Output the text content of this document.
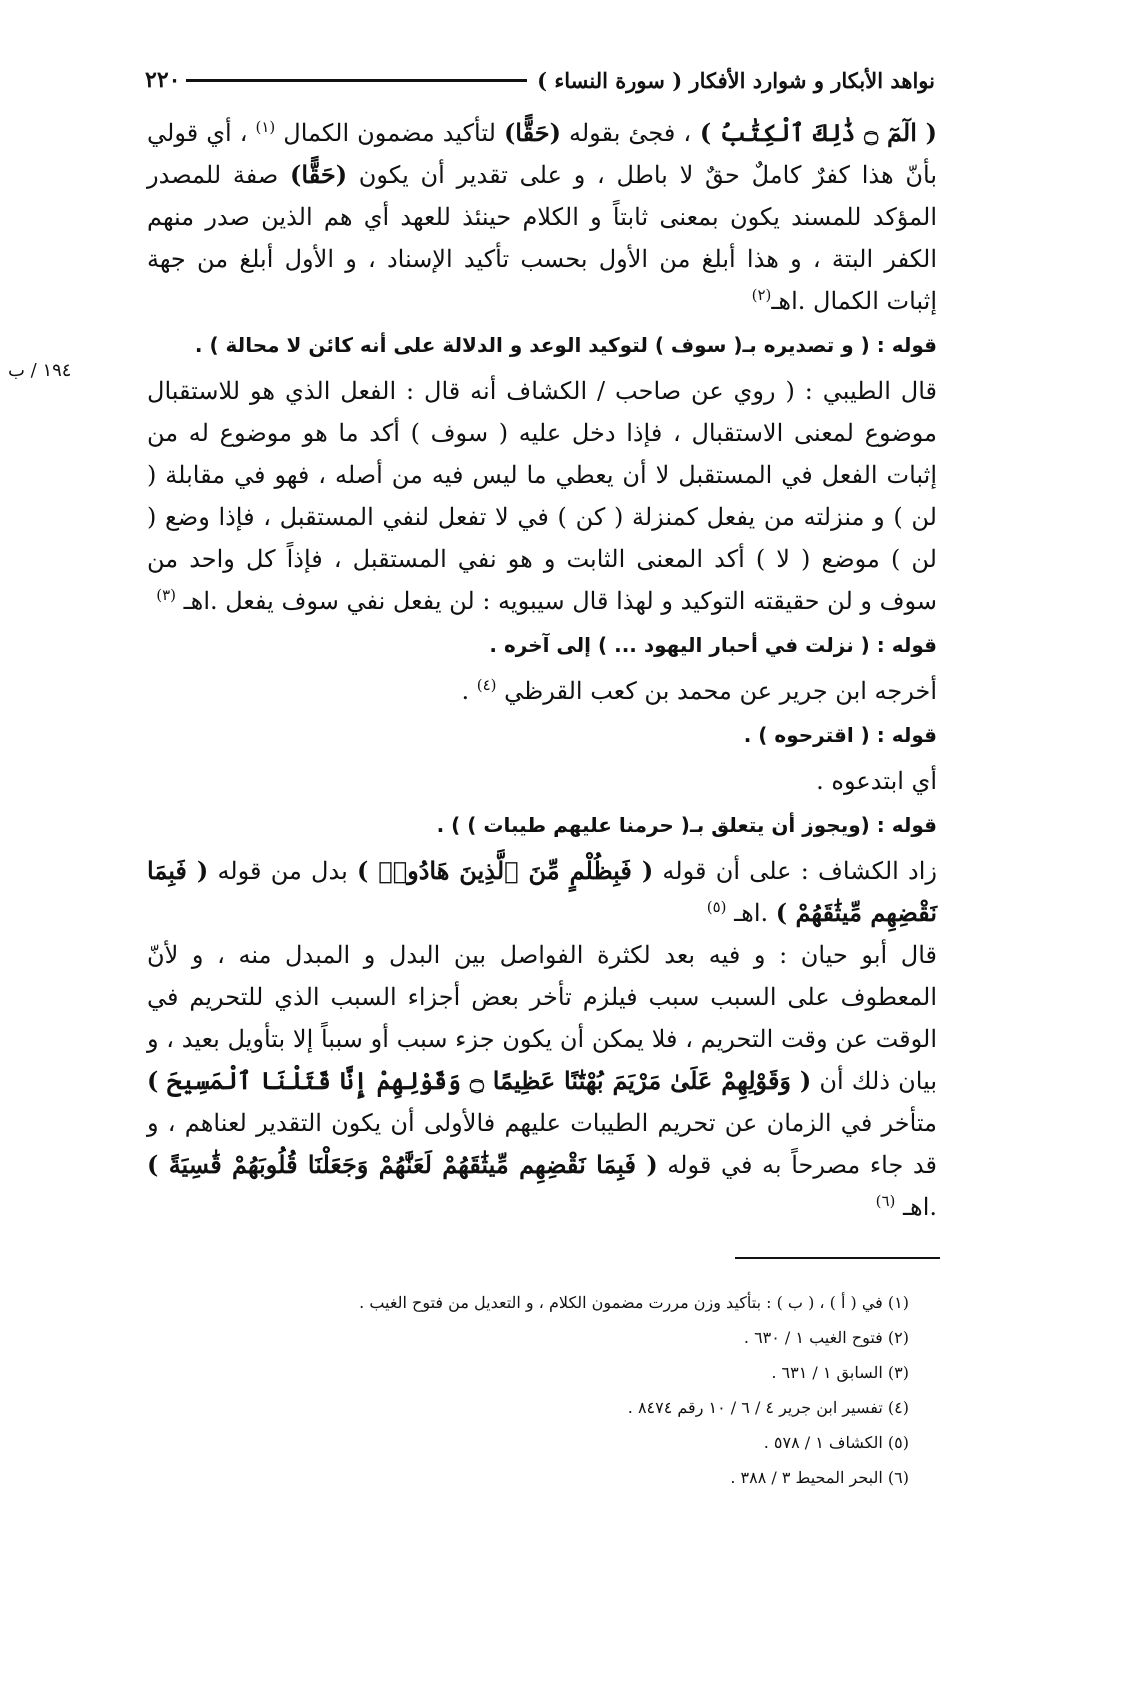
نواهد الأبكار و شوارد الأفكار ( سورة النساء )
٢٢٠
١٩٤ / ب

( الٓمٓ ۝ ذَٰلِكَ ٱلْكِتَٰبُ ) ، فجئ بقوله (حَقًّا) لتأكيد مضمون الكمال $^{(١)}$ ، أي قولي بأنّ هذا كفرٌ كاملٌ حقٌ لا باطل ، و على تقدير أن يكون (حَقًّا) صفة للمصدر المؤكد للمسند يكون بمعنى ثابتاً و الكلام حينئذ للعهد أي هم الذين صدر منهم الكفر البتة ، و هذا أبلغ من الأول بحسب تأكيد الإسناد ، و الأول أبلغ من جهة إثبات الكمال .اهـ$^{(٢)}$

قوله : ( و تصديره بـ( سوف ) لتوكيد الوعد و الدلالة على أنه كائن لا محالة ) .

قال الطيبي : ( روي عن صاحب / الكشاف أنه قال : الفعل الذي هو للاستقبال موضوع لمعنى الاستقبال ، فإذا دخل عليه ( سوف ) أكد ما هو موضوع له من إثبات الفعل في المستقبل لا أن يعطي ما ليس فيه من أصله ، فهو في مقابلة ( لن ) و منزلته من يفعل كمنزلة ( كن ) في لا تفعل لنفي المستقبل ، فإذا وضع ( لن ) موضع ( لا ) أكد المعنى الثابت و هو نفي المستقبل ، فإذاً كل واحد من سوف و لن حقيقته التوكيد و لهذا قال سيبويه : لن يفعل نفي سوف يفعل .اهـ $^{(٣)}$

قوله : ( نزلت في أحبار اليهود ... ) إلى آخره .

أخرجه ابن جرير عن محمد بن كعب القرظي $^{(٤)}$ .

قوله : ( اقترحوه ) .

أي ابتدعوه .

قوله : (ويجوز أن يتعلق بـ( حرمنا عليهم طيبات ) ) .

زاد الكشاف : على أن قوله ( فَبِظُلْمٍ مِّنَ ٱلَّذِينَ هَادُوا۟ ) بدل من قوله ( فَبِمَا نَقْضِهِم مِّيثَٰقَهُمْ ) .اهـ $^{(٥)}$

قال أبو حيان : و فيه بعد لكثرة الفواصل بين البدل و المبدل منه ، و لأنّ المعطوف على السبب سبب فيلزم تأخر بعض أجزاء السبب الذي للتحريم في الوقت عن وقت التحريم ، فلا يمكن أن يكون جزء سبب أو سبباً إلا بتأويل بعيد ، و بيان ذلك أن ( وَقَوْلِهِمْ عَلَىٰ مَرْيَمَ بُهْتَٰنًا عَظِيمًا ۝ وَقَوْلِهِمْ إِنَّا قَتَلْنَا ٱلْمَسِيحَ ) متأخر في الزمان عن تحريم الطيبات عليهم فالأولى أن يكون التقدير لعناهم ، و قد جاء مصرحاً به في قوله ( فَبِمَا نَقْضِهِم مِّيثَٰقَهُمْ لَعَنَّٰهُمْ وَجَعَلْنَا قُلُوبَهُمْ قَٰسِيَةً ) .اهـ $^{(٦)}$

(١) في ( أ ) ، ( ب ) : بتأكيد وزن مررت مضمون الكلام ، و التعديل من فتوح الغيب .

(٢) فتوح الغيب ١ / ٦٣٠ .

(٣) السابق ١ / ٦٣١ .

(٤) تفسير ابن جرير ٤ / ٦ / ١٠ رقم ٨٤٧٤ .

(٥) الكشاف ١ / ٥٧٨ .

(٦) البحر المحيط ٣ / ٣٨٨ .
